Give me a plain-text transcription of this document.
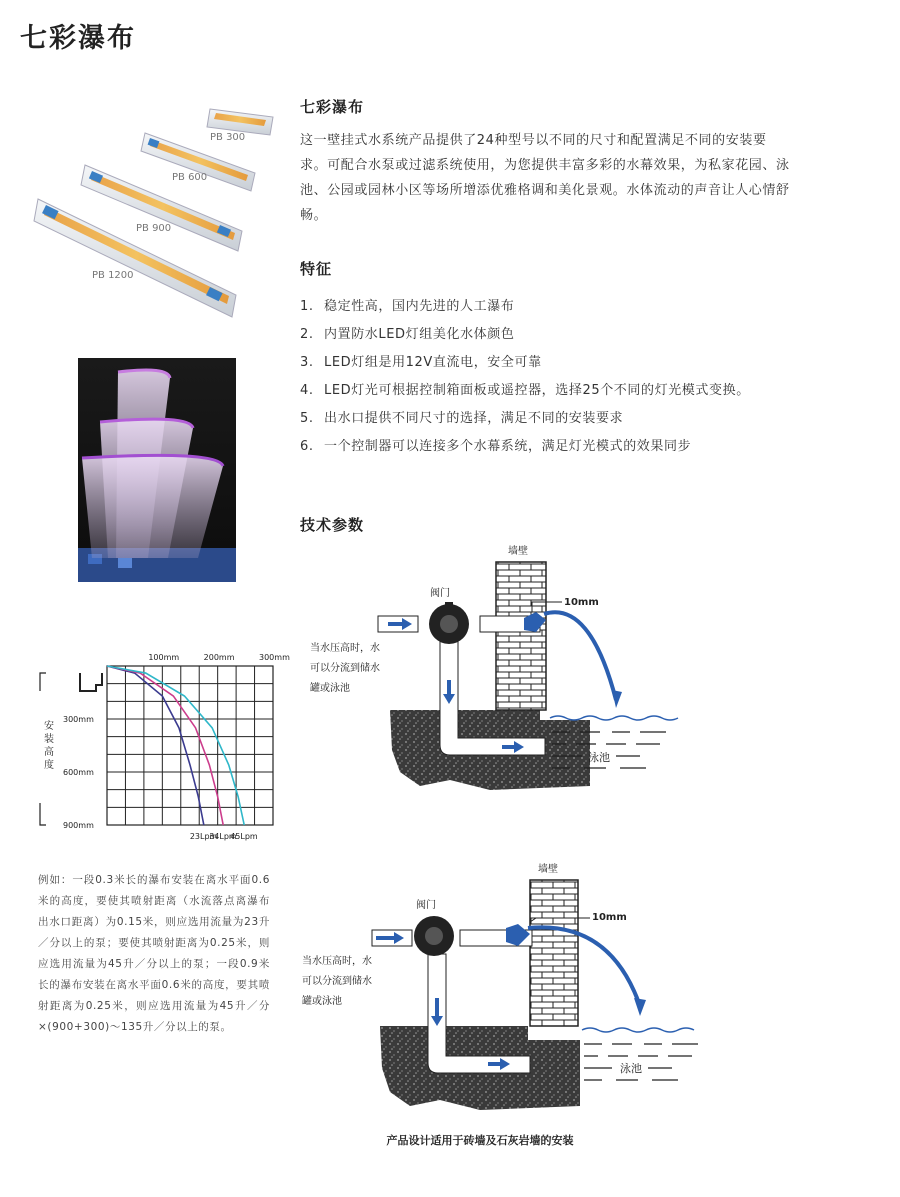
七彩瀑布
PB 300
PB 600
PB 900
PB 1200
七彩瀑布
这一壁挂式水系统产品提供了24种型号以不同的尺寸和配置满足不同的安装要求。可配合水泵或过滤系统使用，为您提供丰富多彩的水幕效果，为私家花园、泳池、公园或园林小区等场所增添优雅格调和美化景观。水体流动的声音让人心情舒畅。
特征
1. 稳定性高，国内先进的人工瀑布
2. 内置防水LED灯组美化水体颜色
3. LED灯组是用12V直流电，安全可靠
4. LED灯光可根据控制箱面板或遥控器，选择25个不同的灯光模式变换。
5. 出水口提供不同尺寸的选择，满足不同的安装要求
6. 一个控制器可以连接多个水幕系统，满足灯光模式的效果同步
技术参数
安装高度
100mm	200mm	300mm
300mm
600mm
900mm
23Lpm
34Lpm
45Lpm
例如：一段0.3米长的瀑布安装在离水平面0.6米的高度，要使其喷射距离（水流落点离瀑布出水口距离）为0.15米，则应选用流量为23升／分以上的泵；要使其喷射距离为0.25米，则应选用流量为45升／分以上的泵；一段0.9米长的瀑布安装在离水平面0.6米的高度，要其喷射距离为0.25米，则应选用流量为45升／分×(900+300)～135升／分以上的泵。
当水压高时，水
可以分流到储水
罐或泳池
墙壁
阀门
10mm
泳池
当水压高时，水
可以分流到储水
罐或泳池
墙壁
阀门
10mm
泳池
产品设计适用于砖墙及石灰岩墙的安装
